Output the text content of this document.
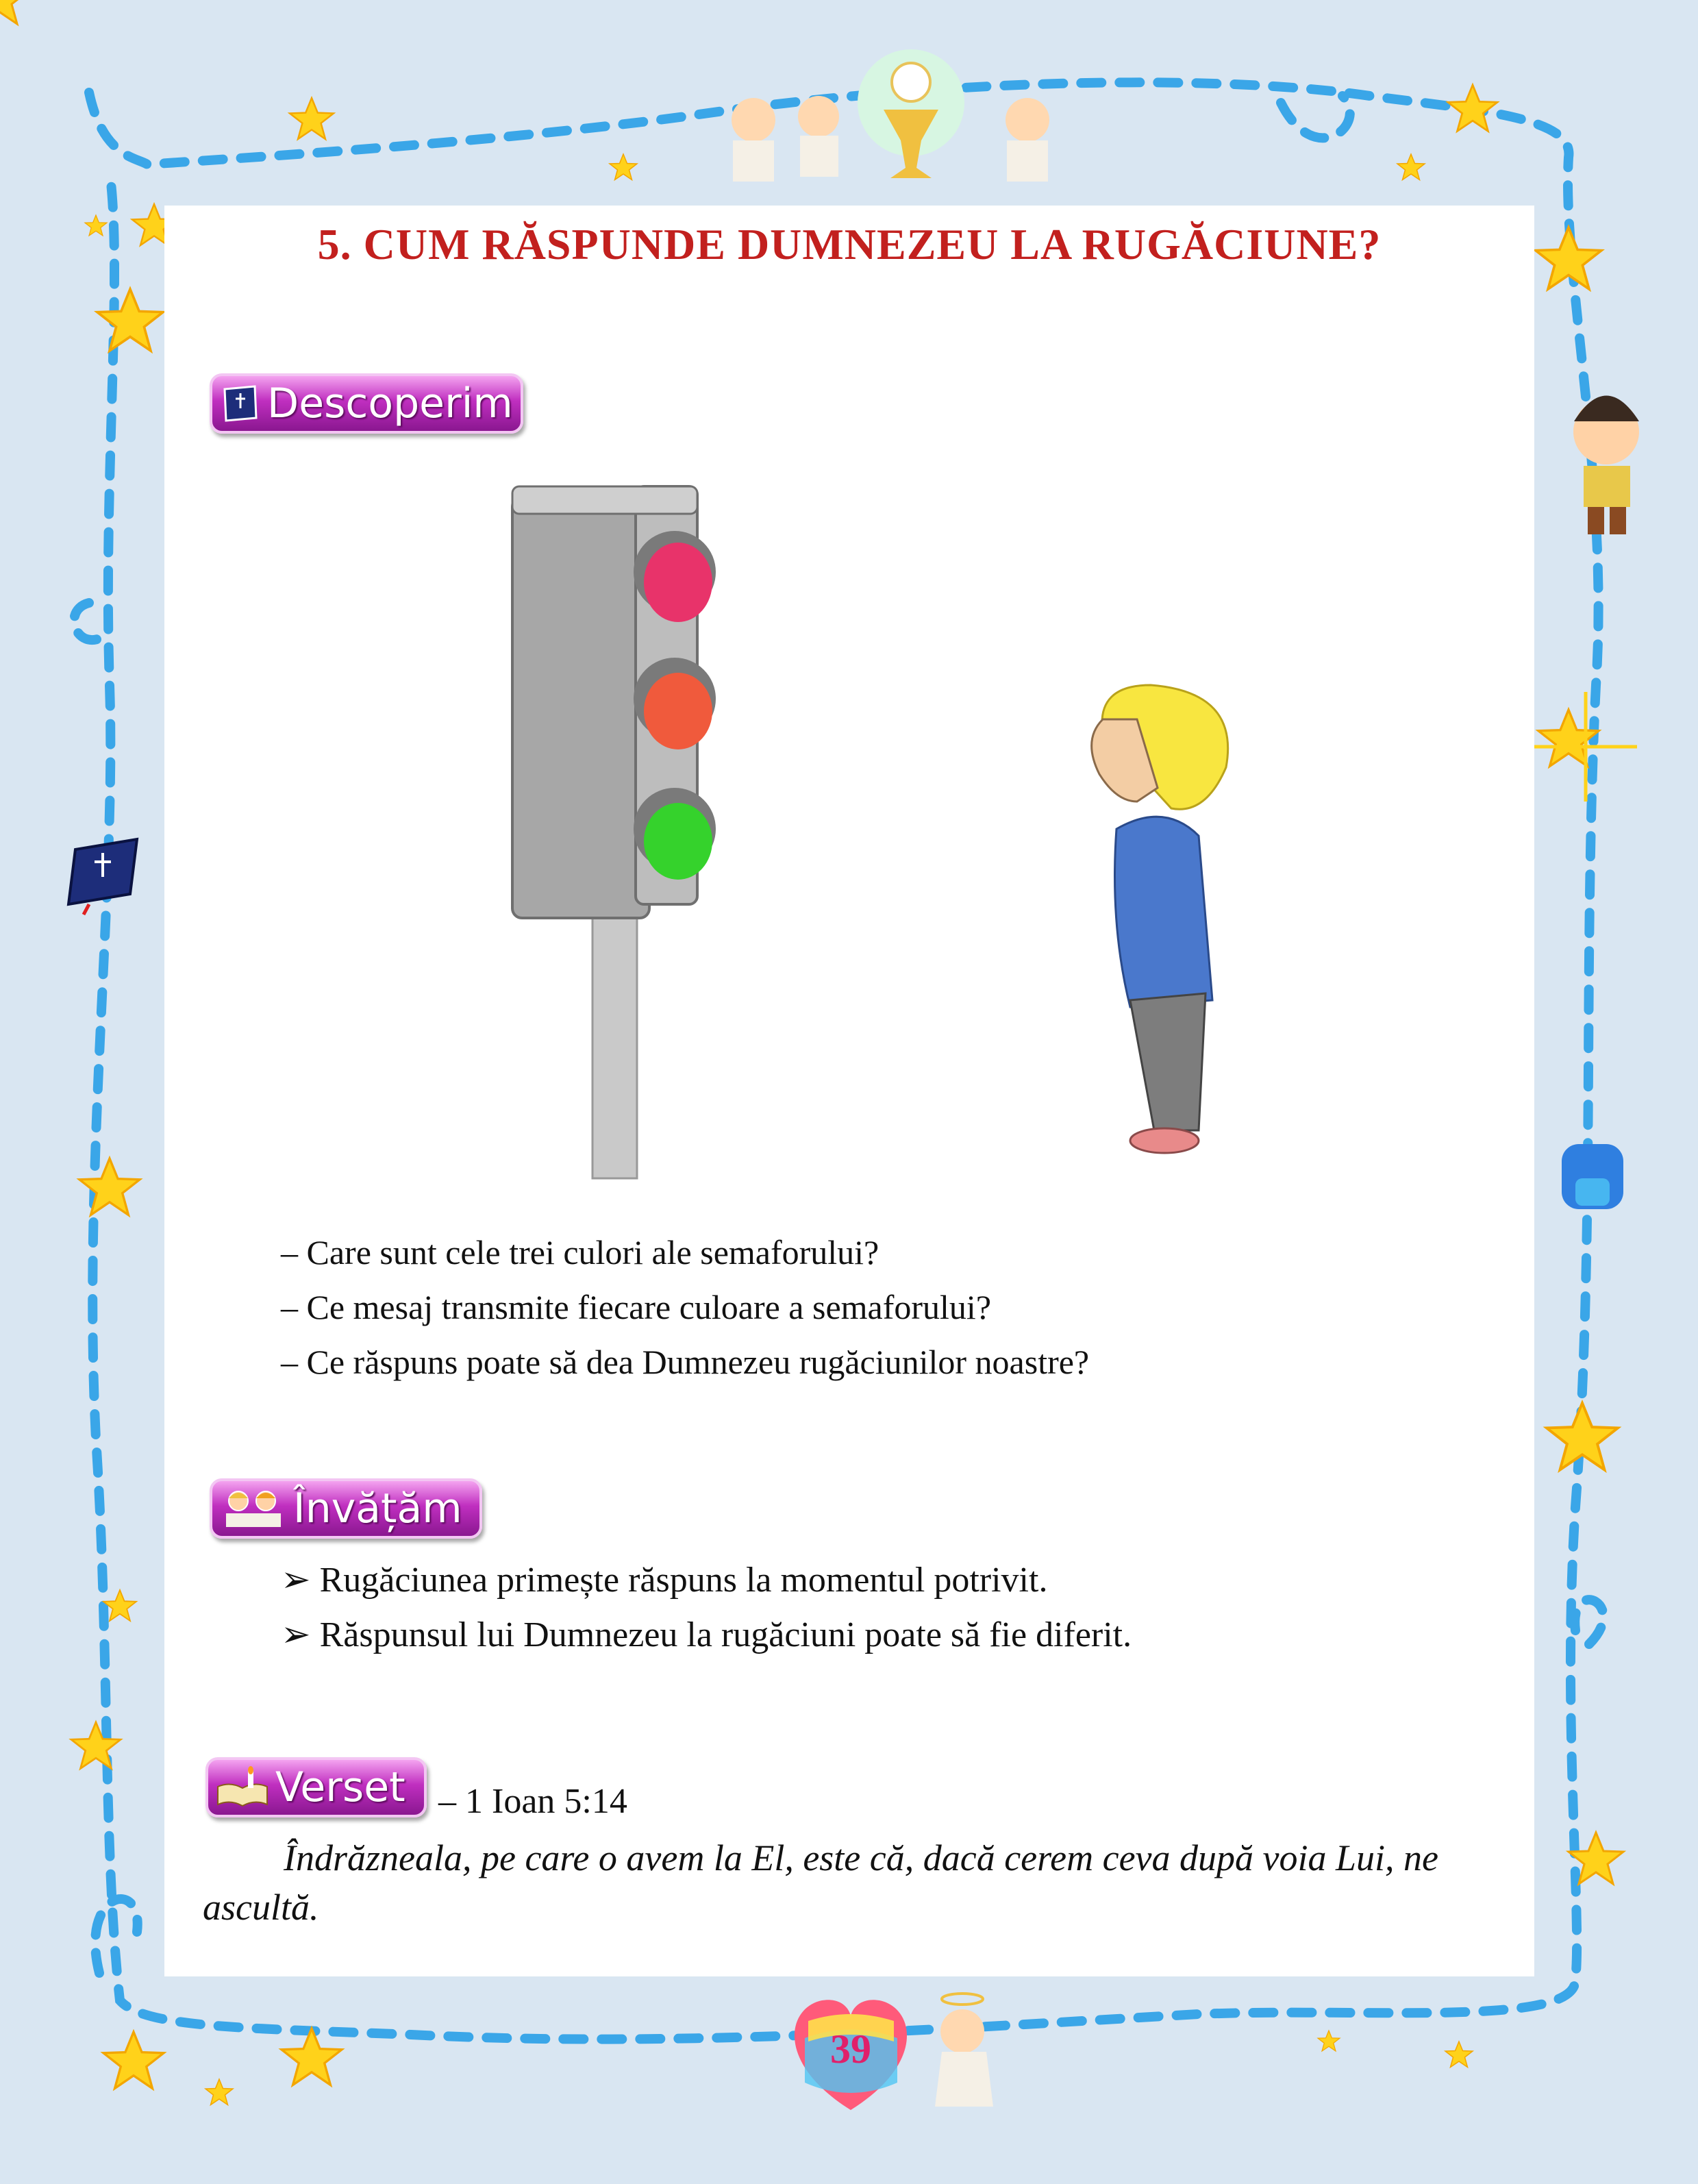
5. CUM RĂSPUNDE DUMNEZEU LA RUGĂCIUNE?
Descoperim
– Care sunt cele trei culori ale semaforului?
– Ce mesaj transmite fiecare culoare a semaforului?
– Ce răspuns poate să dea Dumnezeu rugăciunilor noastre?
Învățăm
➢ Rugăciunea primește răspuns la momentul potrivit.
➢ Răspunsul lui Dumnezeu la rugăciuni poate să fie diferit.
Verset – 1 Ioan 5:14
Îndrăzneala, pe care o avem la El, este că, dacă cerem ceva după voia Lui, ne ascultă.
39
